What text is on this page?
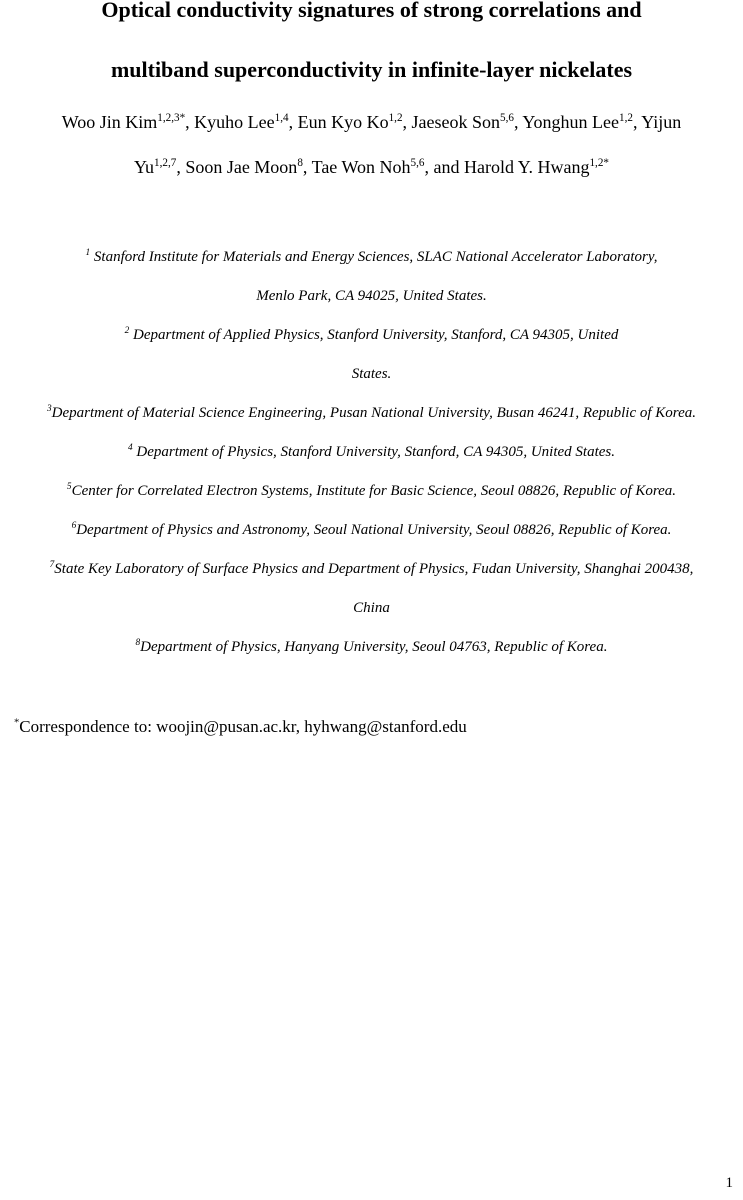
Optical conductivity signatures of strong correlations and
multiband superconductivity in infinite-layer nickelates

Woo Jin Kim$^{1,2,3*}$, Kyuho Lee$^{1,4}$, Eun Kyo Ko$^{1,2}$, Jaeseok Son$^{5,6}$, Yonghun Lee$^{1,2}$, Yijun Yu$^{1,2,7}$, Soon Jae Moon$^8$, Tae Won Noh$^{5,6}$, and Harold Y. Hwang$^{1,2*}$

$^1$ Stanford Institute for Materials and Energy Sciences, SLAC National Accelerator Laboratory,
Menlo Park, CA 94025, United States.

$^2$ Department of Applied Physics, Stanford University, Stanford, CA 94305, United
States.

$^3$Department of Material Science Engineering, Pusan National University, Busan 46241, Republic of Korea.

$^4$ Department of Physics, Stanford University, Stanford, CA 94305, United States.

$^5$Center for Correlated Electron Systems, Institute for Basic Science, Seoul 08826, Republic of Korea.

$^6$Department of Physics and Astronomy, Seoul National University, Seoul 08826, Republic of Korea.

$^7$State Key Laboratory of Surface Physics and Department of Physics, Fudan University, Shanghai 200438,
China

$^8$Department of Physics, Hanyang University, Seoul 04763, Republic of Korea.

*Correspondence to: woojin@pusan.ac.kr, hyhwang@stanford.edu

1
